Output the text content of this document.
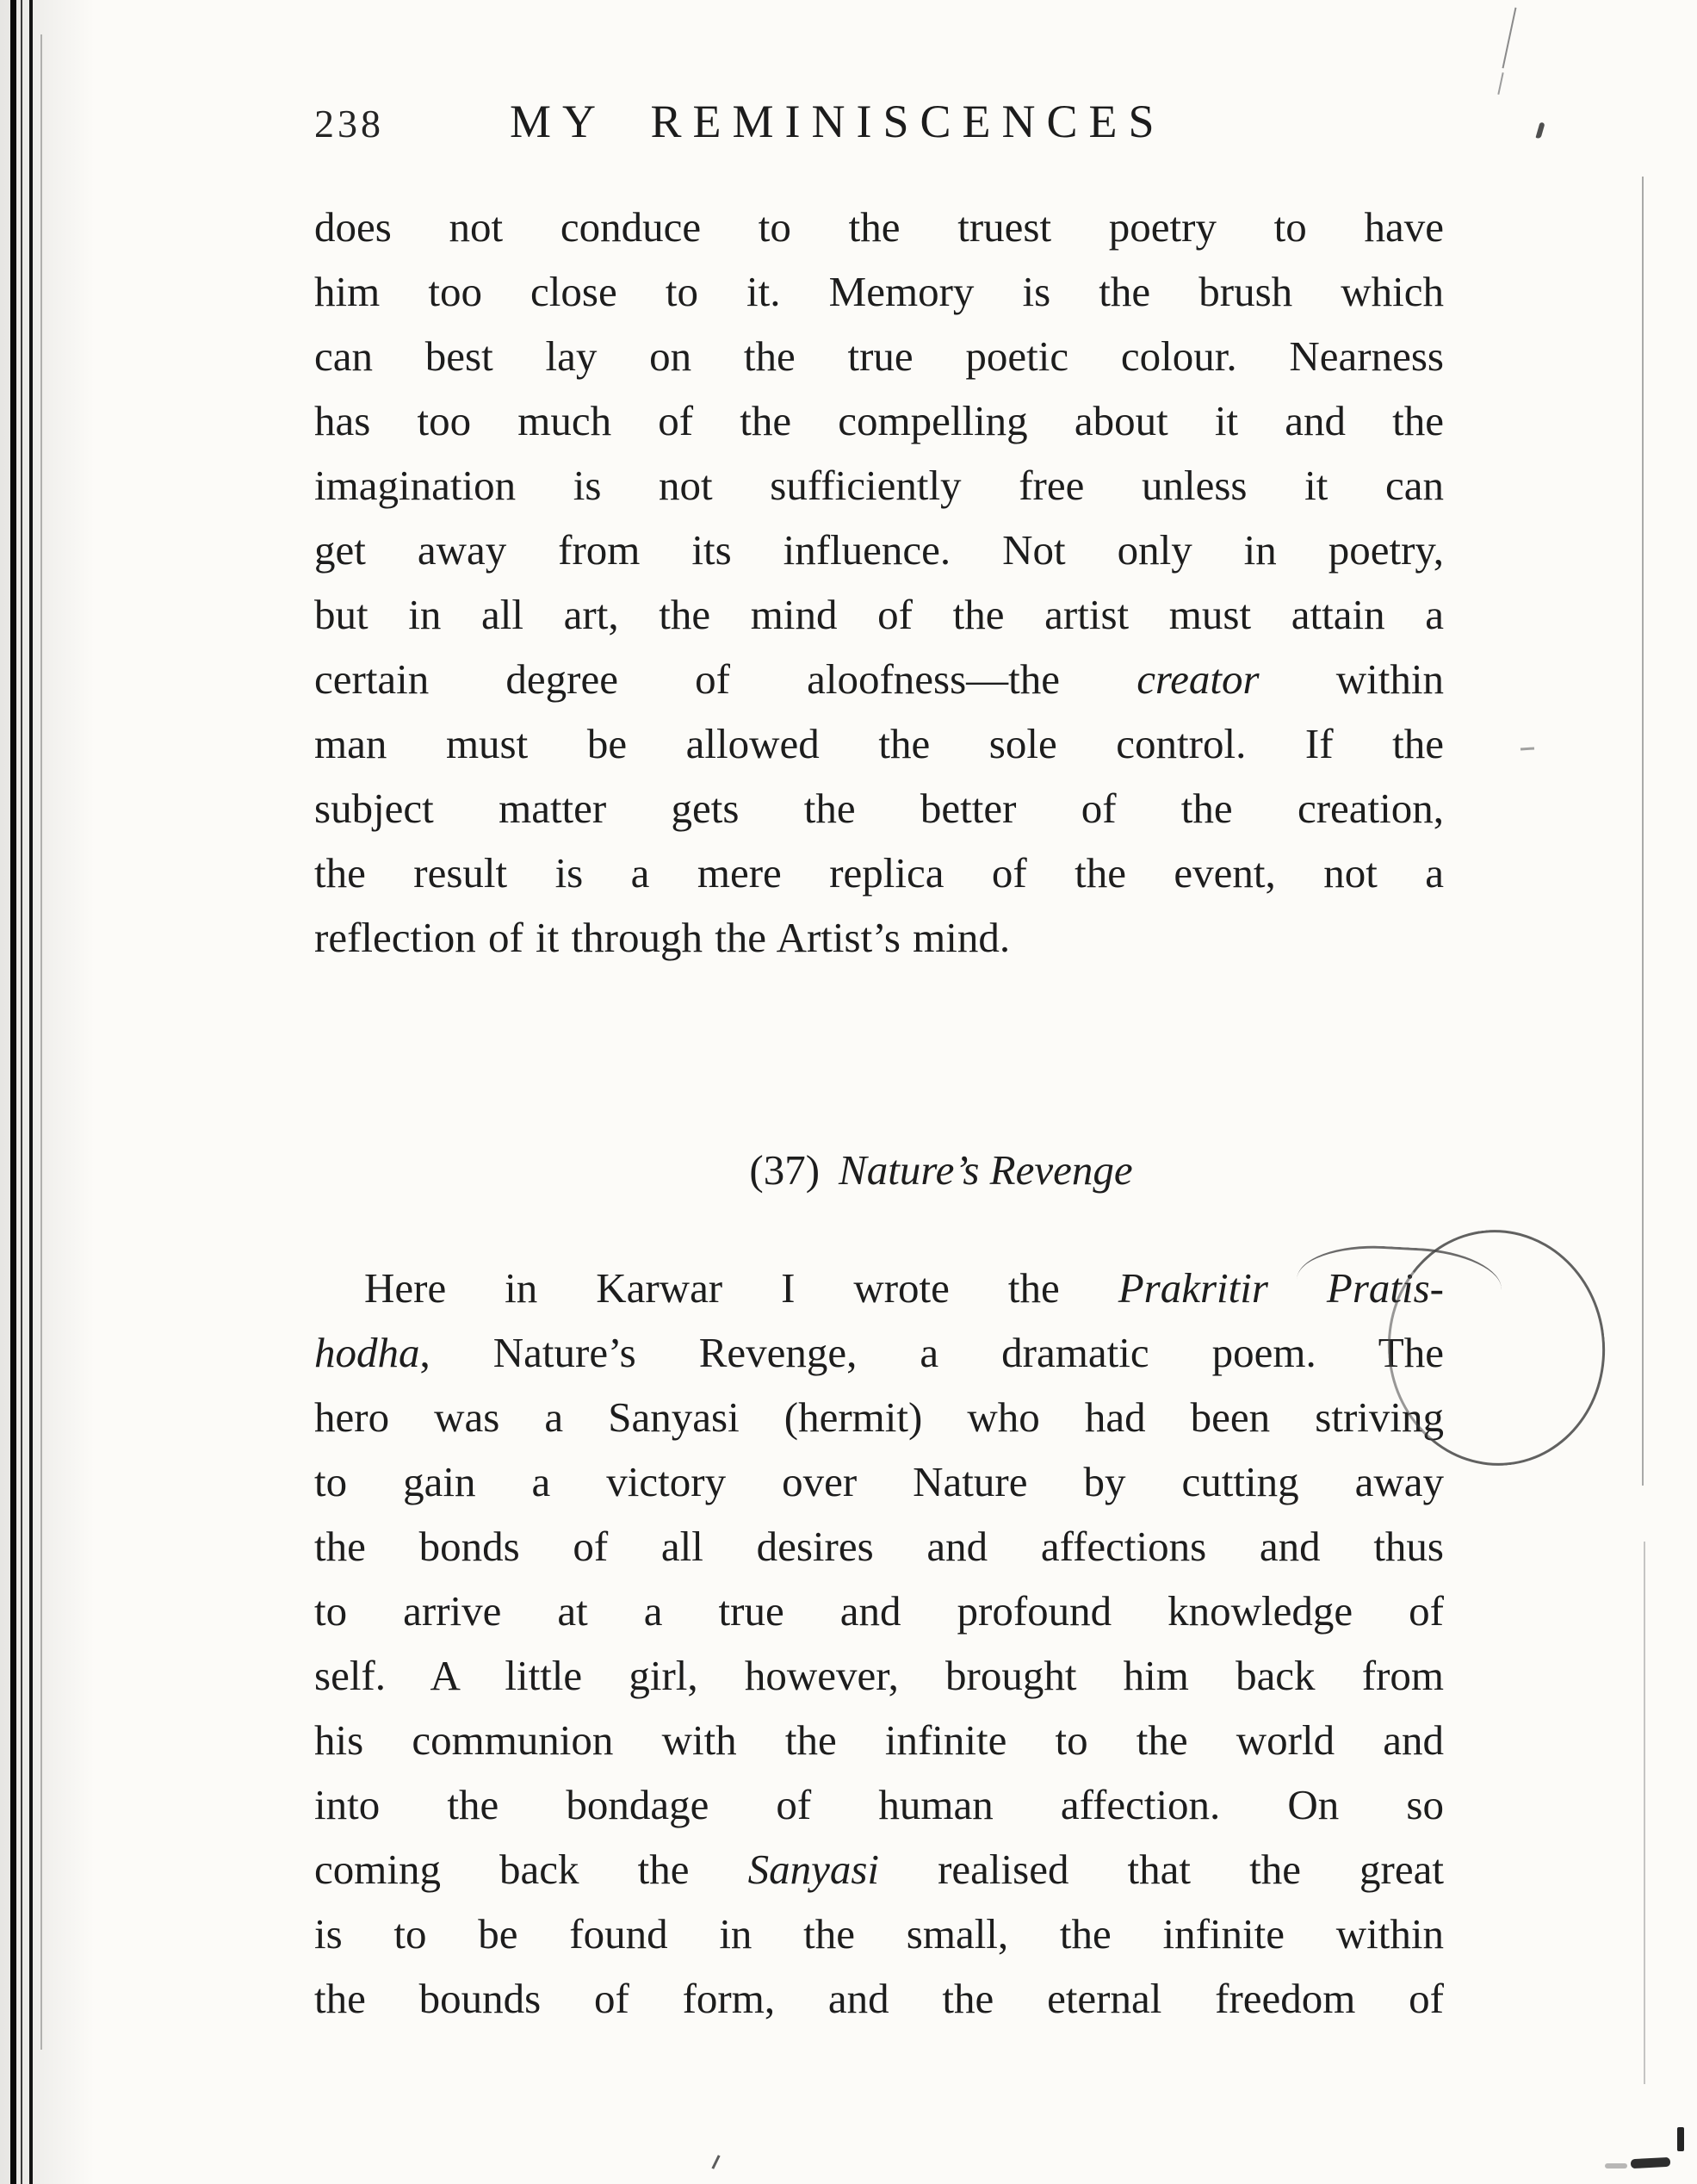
238	MY REMINISCENCES
does not conduce to the truest poetry to have
him too close to it. Memory is the brush which
can best lay on the true poetic colour. Nearness
has too much of the compelling about it and the
imagination is not sufficiently free unless it can
get away from its influence. Not only in poetry,
but in all art, the mind of the artist must attain a
certain degree of aloofness—the creator within
man must be allowed the sole control. If the
subject matter gets the better of the creation,
the result is a mere replica of the event, not a
reflection of it through the Artist’s mind.
(37) Nature’s Revenge
Here in Karwar I wrote the Prakritir Pratis-
hodha, Nature’s Revenge, a dramatic poem. The
hero was a Sanyasi (hermit) who had been striving
to gain a victory over Nature by cutting away
the bonds of all desires and affections and thus
to arrive at a true and profound knowledge of
self. A little girl, however, brought him back from
his communion with the infinite to the world and
into the bondage of human affection. On so
coming back the Sanyasi realised that the great
is to be found in the small, the infinite within
the bounds of form, and the eternal freedom of
